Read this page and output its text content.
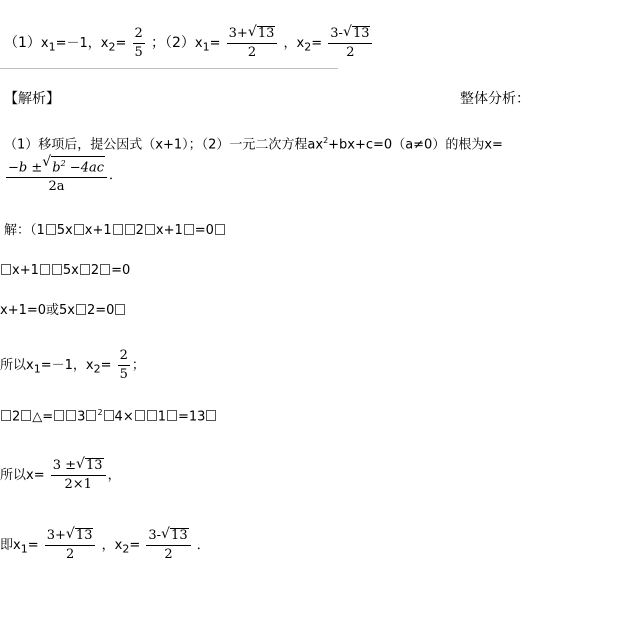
$(1)x_1=-1$，$x_2= \frac{2}{5}$ ；$(2)x_1= \frac{3+ √ 13}{2}$ ，$x_2= \frac{3- √ 13}{2}$
【解析】	整体分析：
（1）移项后，提公因式（x+1）；（2）一元二次方程$ax^2+bx+c=0(a\ne 0)$的根为x=
$\frac{-b \pm √ b^2 -4ac}{2a}$ ．
解：（1 5x x+1 2 x+1 =0
x+1 5x 2 =0
x+1=0或5x 2=0
所以$x_1=-1$，$x_2= \frac{2}{5}$ ；
2 △= 3 $^2$ 4× 1 =13
所以$x= \frac{3 \pm √ 13}{2\times 1}$ ，
即$x_1= \frac{3+ √ 13}{2}$ ，$x_2= \frac{3- √ 13}{2}$ ．
